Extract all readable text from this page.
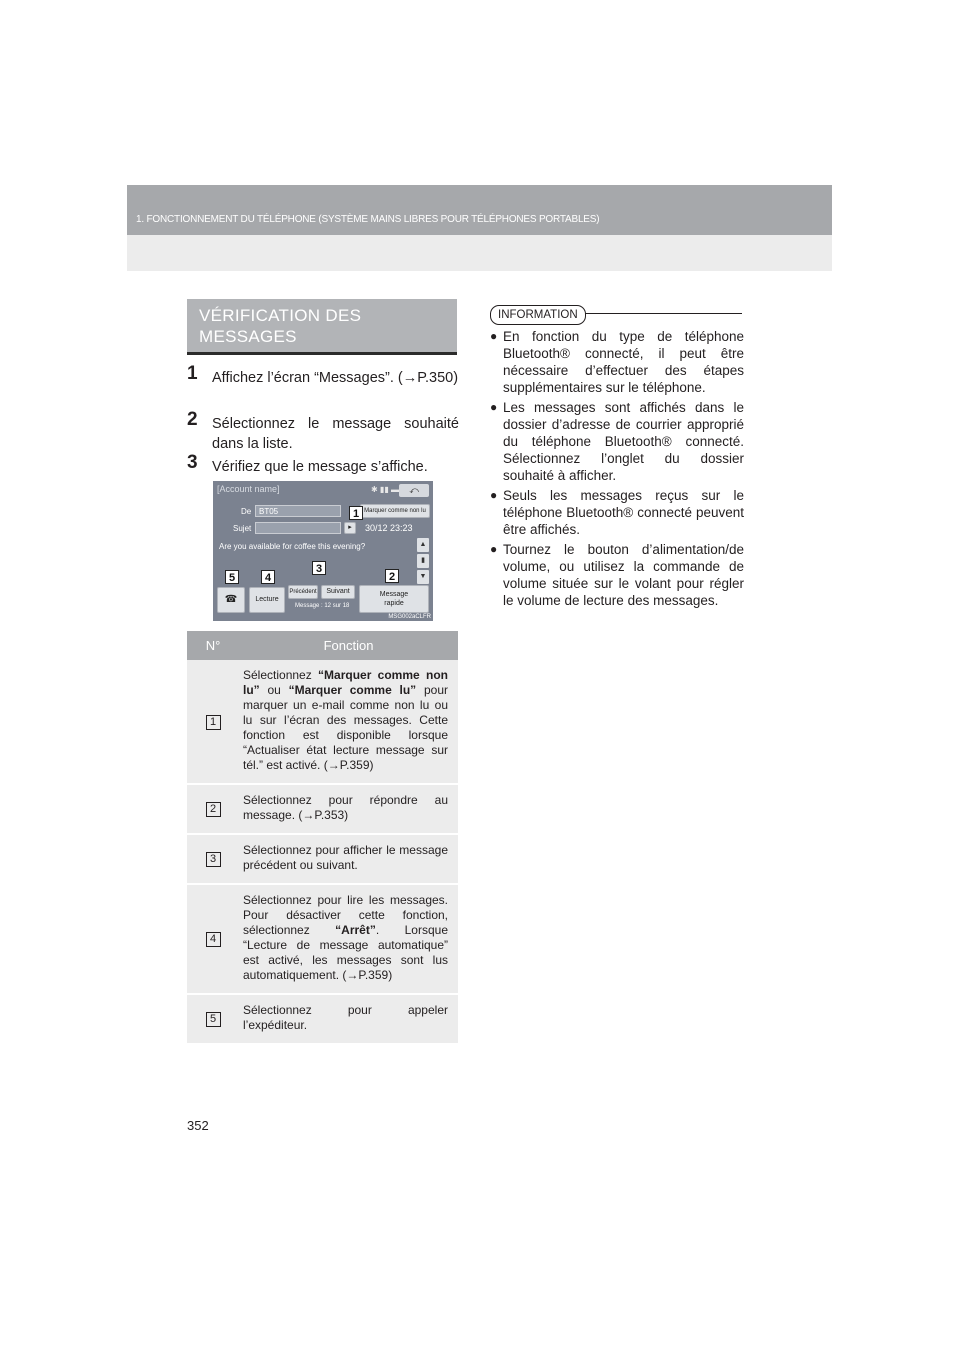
1. FONCTIONNEMENT DU TÉLÉPHONE (SYSTÈME MAINS LIBRES POUR TÉLÉPHONES PORTABLES)
VÉRIFICATION DES
MESSAGES
1 Affichez l’écran “Messages”. (→P.350)
2 Sélectionnez le message souhaité dans la liste.
3 Vérifiez que le message s’affiche.
[Account name]	✱ ▮▮ ▬	⤺
De BT05	Marquer comme non lu
Sujet	▸	30/12 23:23
Are you available for coffee this evening?	▲
▮
▼
☎	Lecture
Précédent	Suivant
Message : 12 sur 18
Message
rapide
1
2
3
4
5
MSG002aCLFR
N°	Fonction
1	Sélectionnez “Marquer comme non lu” ou “Marquer comme lu” pour marquer un e-mail comme non lu ou lu sur l’écran des messages. Cette fonction est disponible lorsque “Actualiser état lecture message sur tél.” est activé. (→P.359)
2	Sélectionnez pour répondre au message. (→P.353)
3	Sélectionnez pour afficher le message précédent ou suivant.
4	Sélectionnez pour lire les messages. Pour désactiver cette fonction, sélectionnez “Arrêt”. Lorsque “Lecture de message automatique” est activé, les messages sont lus automatiquement. (→P.359)
5	Sélectionnez pour appeler l’expéditeur.
INFORMATION
● En fonction du type de téléphone Bluetooth® connecté, il peut être nécessaire d’effectuer des étapes supplémentaires sur le téléphone.
● Les messages sont affichés dans le dossier d’adresse de courrier approprié du téléphone Bluetooth® connecté. Sélectionnez l’onglet du dossier souhaité à afficher.
● Seuls les messages reçus sur le téléphone Bluetooth® connecté peuvent être affichés.
● Tournez le bouton d’alimentation/de volume, ou utilisez la commande de volume située sur le volant pour régler le volume de lecture des messages.
352
